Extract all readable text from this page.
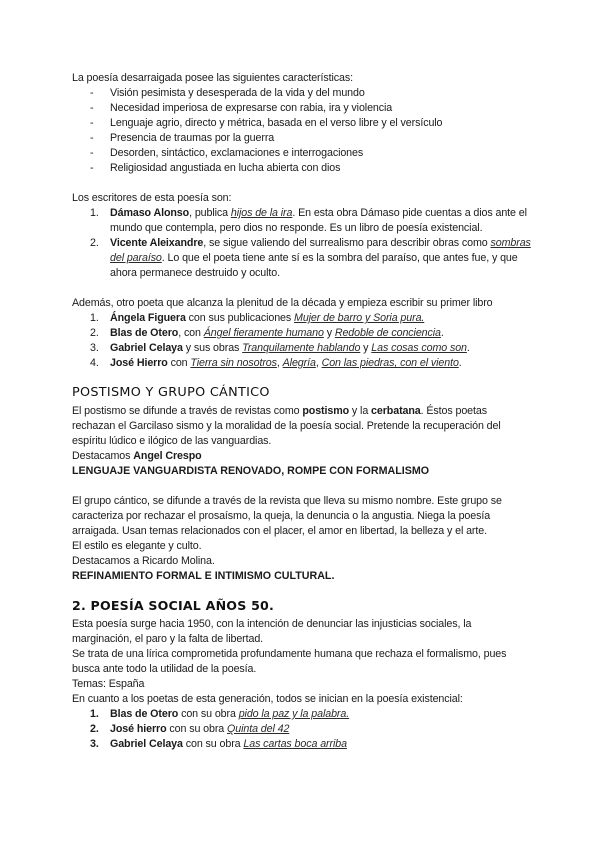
La poesía desarraigada posee las siguientes características:

- Visión pesimista y desesperada de la vida y del mundo
- Necesidad imperiosa de expresarse con rabia, ira y violencia
- Lenguaje agrio, directo y métrica, basada en el verso libre y el versículo
- Presencia de traumas por la guerra
- Desorden, sintáctico, exclamaciones e interrogaciones
- Religiosidad angustiada en lucha abierta con dios

Los escritores de esta poesía son:

1. Dámaso Alonso, publica hijos de la ira. En esta obra Dámaso pide cuentas a dios ante el mundo que contempla, pero dios no responde. Es un libro de poesía existencial.
2. Vicente Aleixandre, se sigue valiendo del surrealismo para describir obras como sombras del paraíso. Lo que el poeta tiene ante sí es la sombra del paraíso, que antes fue, y que ahora permanece destruido y oculto.

Además, otro poeta que alcanza la plenitud de la década y empieza escribir su primer libro

1. Ángela Figuera con sus publicaciones Mujer de barro y Soria pura.
2. Blas de Otero, con Ángel fieramente humano y Redoble de conciencia.
3. Gabriel Celaya y sus obras Tranquilamente hablando y Las cosas como son.
4. José Hierro con Tierra sin nosotros, Alegría, Con las piedras, con el viento.
POSTISMO Y GRUPO CÁNTICO

El postismo se difunde a través de revistas como postismo y la cerbatana. Éstos poetas rechazan el Garcilaso sismo y la moralidad de la poesía social. Pretende la recuperación del espíritu lúdico e ilógico de las vanguardias.

Destacamos Angel Crespo

LENGUAJE VANGUARDISTA RENOVADO, ROMPE CON FORMALISMO

El grupo cántico, se difunde a través de la revista que lleva su mismo nombre. Este grupo se caracteriza por rechazar el prosaísmo, la queja, la denuncia o la angustia. Niega la poesía arraigada. Usan temas relacionados con el placer, el amor en libertad, la belleza y el arte.

El estilo es elegante y culto.

Destacamos a Ricardo Molina.

REFINAMIENTO FORMAL E INTIMISMO CULTURAL.

2. POESÍA SOCIAL AÑOS 50.

Esta poesía surge hacia 1950, con la intención de denunciar las injusticias sociales, la marginación, el paro y la falta de libertad.

Se trata de una lírica comprometida profundamente humana que rechaza el formalismo, pues busca ante todo la utilidad de la poesía.

Temas: España

En cuanto a los poetas de esta generación, todos se inician en la poesía existencial:

1. Blas de Otero con su obra pido la paz y la palabra.
2. José hierro con su obra Quinta del 42
3. Gabriel Celaya con su obra Las cartas boca arriba
